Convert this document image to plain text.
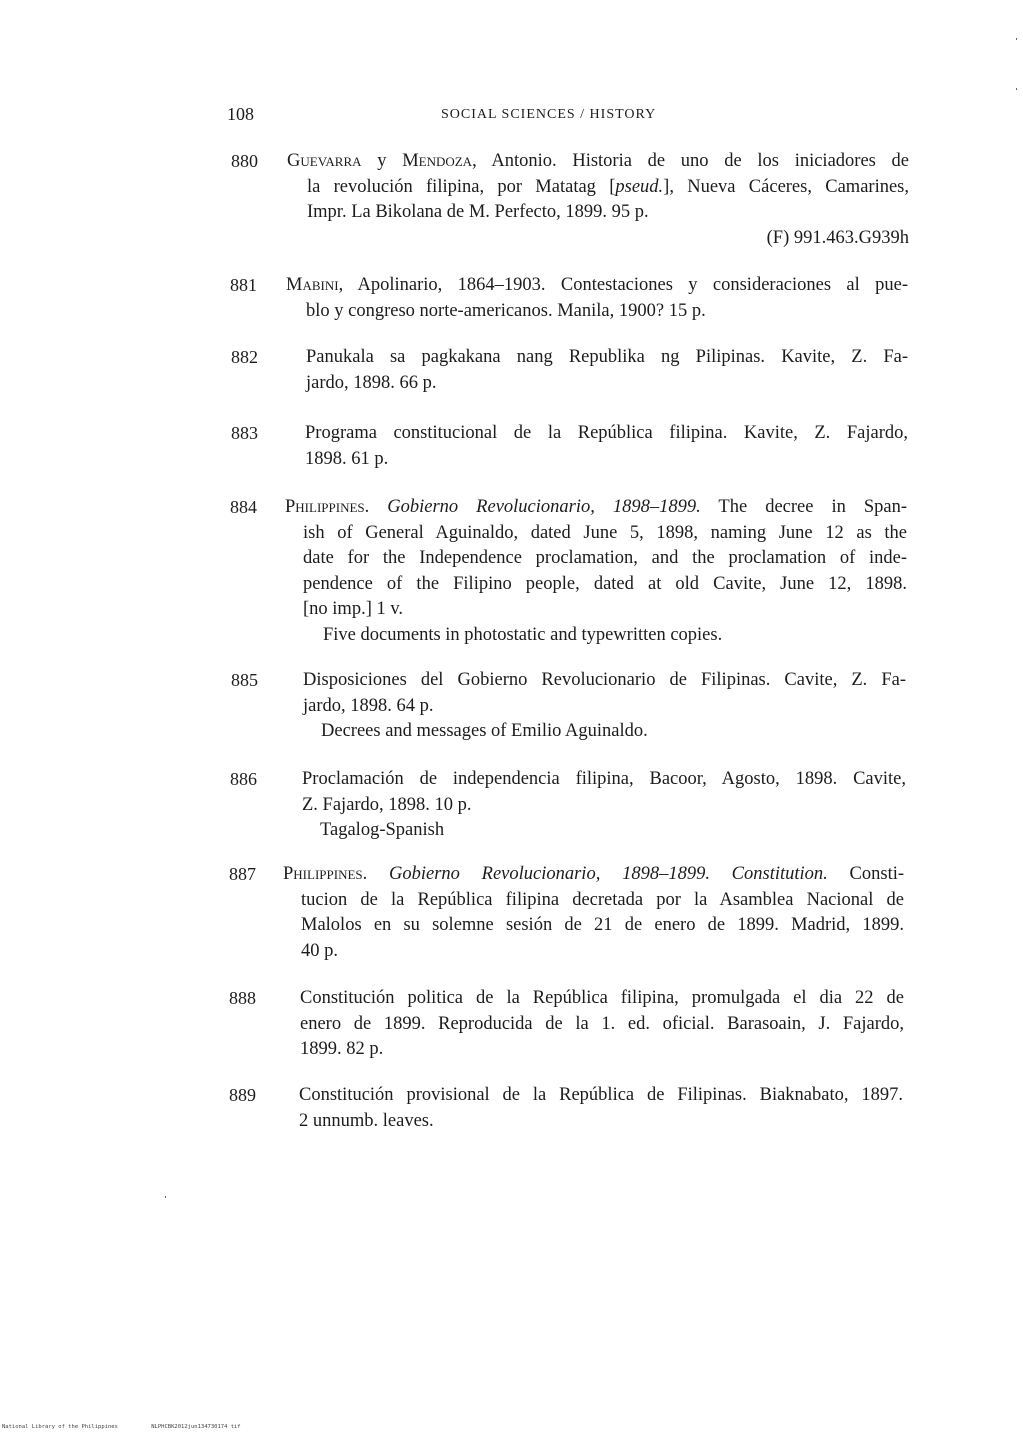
108	SOCIAL SCIENCES / HISTORY
880 Guevarra y Mendoza, Antonio. Historia de uno de los iniciadores de
la revolución filipina, por Matatag [pseud.], Nueva Cáceres, Camarines,
Impr. La Bikolana de M. Perfecto, 1899. 95 p.
(F) 991.463.G939h
881 Mabini, Apolinario, 1864–1903. Contestaciones y consideraciones al pue-
blo y congreso norte-americanos. Manila, 1900? 15 p.
882	Panukala sa pagkakana nang Republika ng Pilipinas. Kavite, Z. Fa-
jardo, 1898. 66 p.
883	Programa constitucional de la República filipina. Kavite, Z. Fajardo,
1898. 61 p.
884 Philippines. Gobierno Revolucionario, 1898–1899. The decree in Span-
ish of General Aguinaldo, dated June 5, 1898, naming June 12 as the
date for the Independence proclamation, and the proclamation of inde-
pendence of the Filipino people, dated at old Cavite, June 12, 1898.
[no imp.] 1 v.
Five documents in photostatic and typewritten copies.
885 Disposiciones del Gobierno Revolucionario de Filipinas. Cavite, Z. Fa-
jardo, 1898. 64 p.
Decrees and messages of Emilio Aguinaldo.
886 Proclamación de independencia filipina, Bacoor, Agosto, 1898. Cavite,
Z. Fajardo, 1898. 10 p.
Tagalog-Spanish
887 Philippines. Gobierno Revolucionario, 1898–1899. Constitution. Consti-
tucion de la República filipina decretada por la Asamblea Nacional de
Malolos en su solemne sesión de 21 de enero de 1899. Madrid, 1899.
40 p.
888 Constitución politica de la República filipina, promulgada el dia 22 de
enero de 1899. Reproducida de la 1. ed. oficial. Barasoain, J. Fajardo,
1899. 82 p.
889 Constitución provisional de la República de Filipinas. Biaknabato, 1897.
2 unnumb. leaves.
National Library of the Philippines	NLPHCBK2012jun134730174 tif
